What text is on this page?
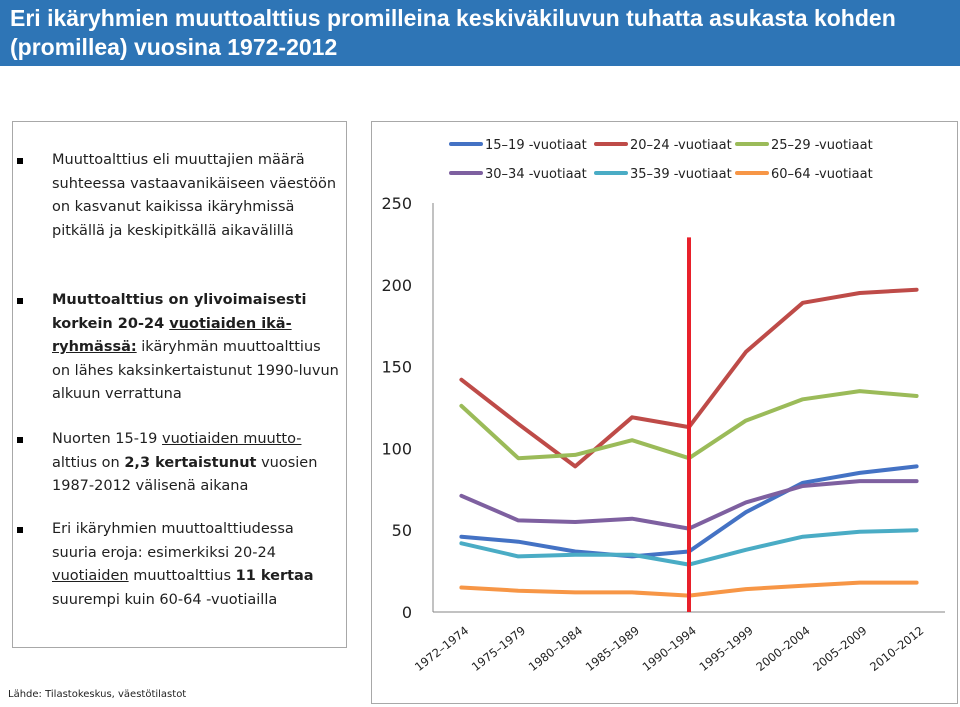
Eri ikäryhmien muuttoalttius promilleina keskiväkiluvun tuhatta asukasta kohden (promillea) vuosina 1972-2012
Muuttoalttius eli muuttajien määrä suhteessa vastaavanikäiseen väestöön on kasvanut kaikissa ikäryhmissä pitkällä ja keskipitkällä aikavälillä
Muuttoalttius on ylivoimaisesti korkein 20-24 vuotiaiden ikä-ryhmässä: ikäryhmän muuttoalttius on lähes kaksinkertaistunut 1990-luvun alkuun verrattuna
Nuorten 15-19 vuotiaiden muutto-alttius on 2,3 kertaistunut vuosien 1987-2012 välisenä aikana
Eri ikäryhmien muuttoalttiudessa suuria eroja: esimerkiksi 20-24 vuotiaiden muuttoalttius 11 kertaa suurempi kuin 60-64 -vuotiailla
0
50
100
150
200
250
1972–1974
1975–1979
1980–1984
1985–1989
1990–1994
1995–1999
2000–2004
2005–2009
2010–2012
15–19 -vuotiaat	20–24 -vuotiaat	25–29 -vuotiaat
30–34 -vuotiaat	35–39 -vuotiaat	60–64 -vuotiaat
Lähde: Tilastokeskus, väestötilastot
